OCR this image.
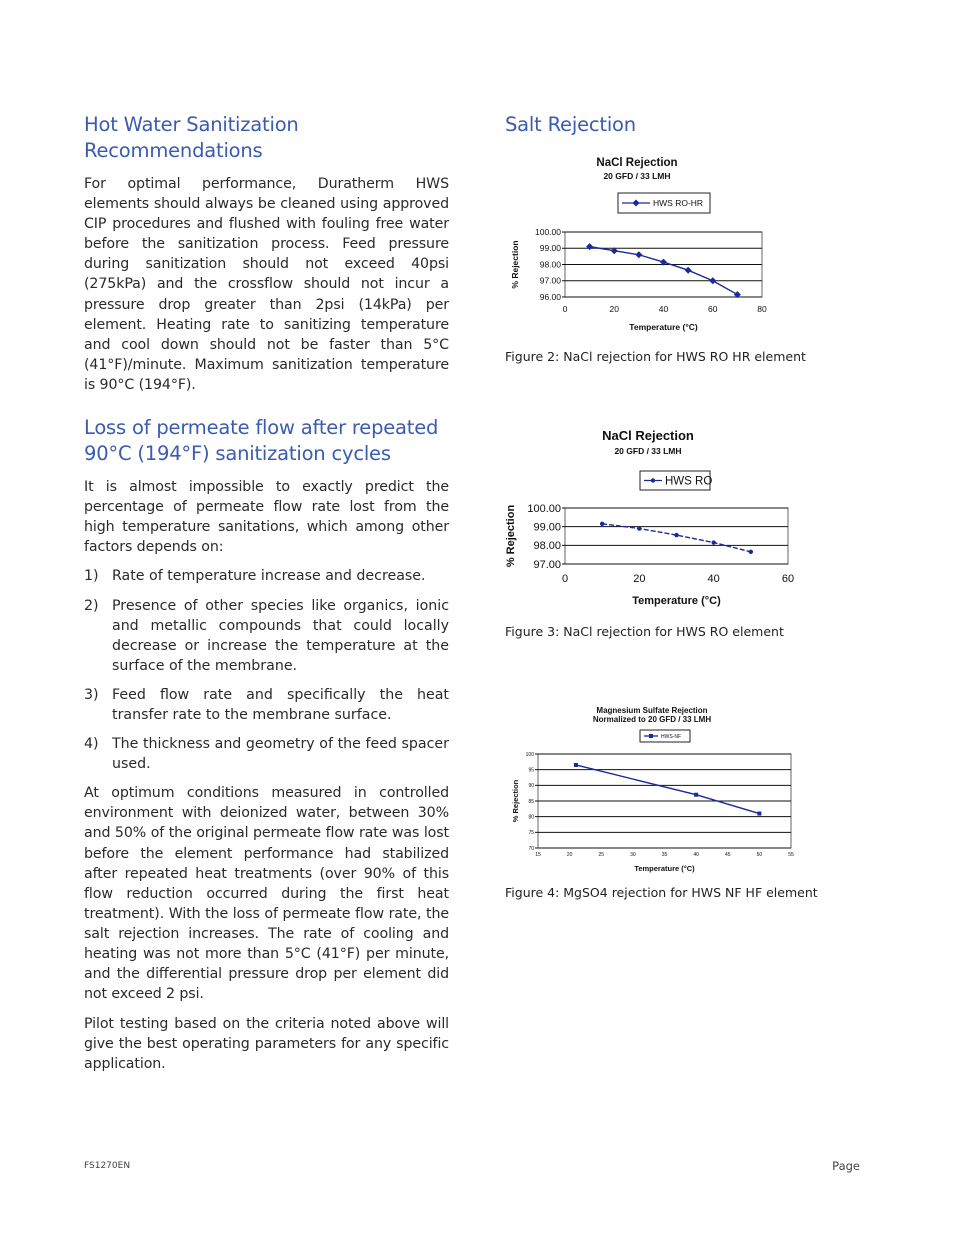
Hot Water Sanitization Recommendations

For optimal performance, Duratherm HWS elements should always be cleaned using approved CIP procedures and flushed with fouling free water before the sanitization process. Feed pressure during sanitization should not exceed 40psi (275kPa) and the crossflow should not incur a pressure drop greater than 2psi (14kPa) per element. Heating rate to sanitizing temperature and cool down should not be faster than 5°C (41°F)/minute. Maximum sanitization temperature is 90°C (194°F).

Loss of permeate flow after repeated 90°C (194°F) sanitization cycles

It is almost impossible to exactly predict the percentage of permeate flow rate lost from the high temperature sanitations, which among other factors depends on:

1) Rate of temperature increase and decrease.
2) Presence of other species like organics, ionic and metallic compounds that could locally decrease or increase the temperature at the surface of the membrane.
3) Feed flow rate and specifically the heat transfer rate to the membrane surface.
4) The thickness and geometry of the feed spacer used.

At optimum conditions measured in controlled environment with deionized water, between 30% and 50% of the original permeate flow rate was lost before the element performance had stabilized after repeated heat treatments (over 90% of this flow reduction occurred during the first heat treatment). With the loss of permeate flow rate, the salt rejection increases. The rate of cooling and heating was not more than 5°C (41°F) per minute, and the differential pressure drop per element did not exceed 2 psi.

Pilot testing based on the criteria noted above will give the best operating parameters for any specific application.

Salt Rejection
NaCl Rejection
20 GFD / 33 LMH
HWS RO-HR
96.00
97.00
98.00
99.00
100.00
0	20	40	60	80
Temperature (°C)
% Rejection
Figure 2: NaCl rejection for HWS RO HR element
NaCl Rejection
20 GFD / 33 LMH
HWS RO
97.00
98.00
99.00
100.00
0	20	40	60
Temperature (°C)
% Rejection
Figure 3: NaCl rejection for HWS RO element
Magnesium Sulfate Rejection
Normalized to 20 GFD / 33 LMH
HWS-NF
70
75
80
85
90
95
100
15	20	25	30	35	40	45	50	55
Temperature (°C)
% Rejection
Figure 4: MgSO4 rejection for HWS NF HF element
FS1270EN	Page
